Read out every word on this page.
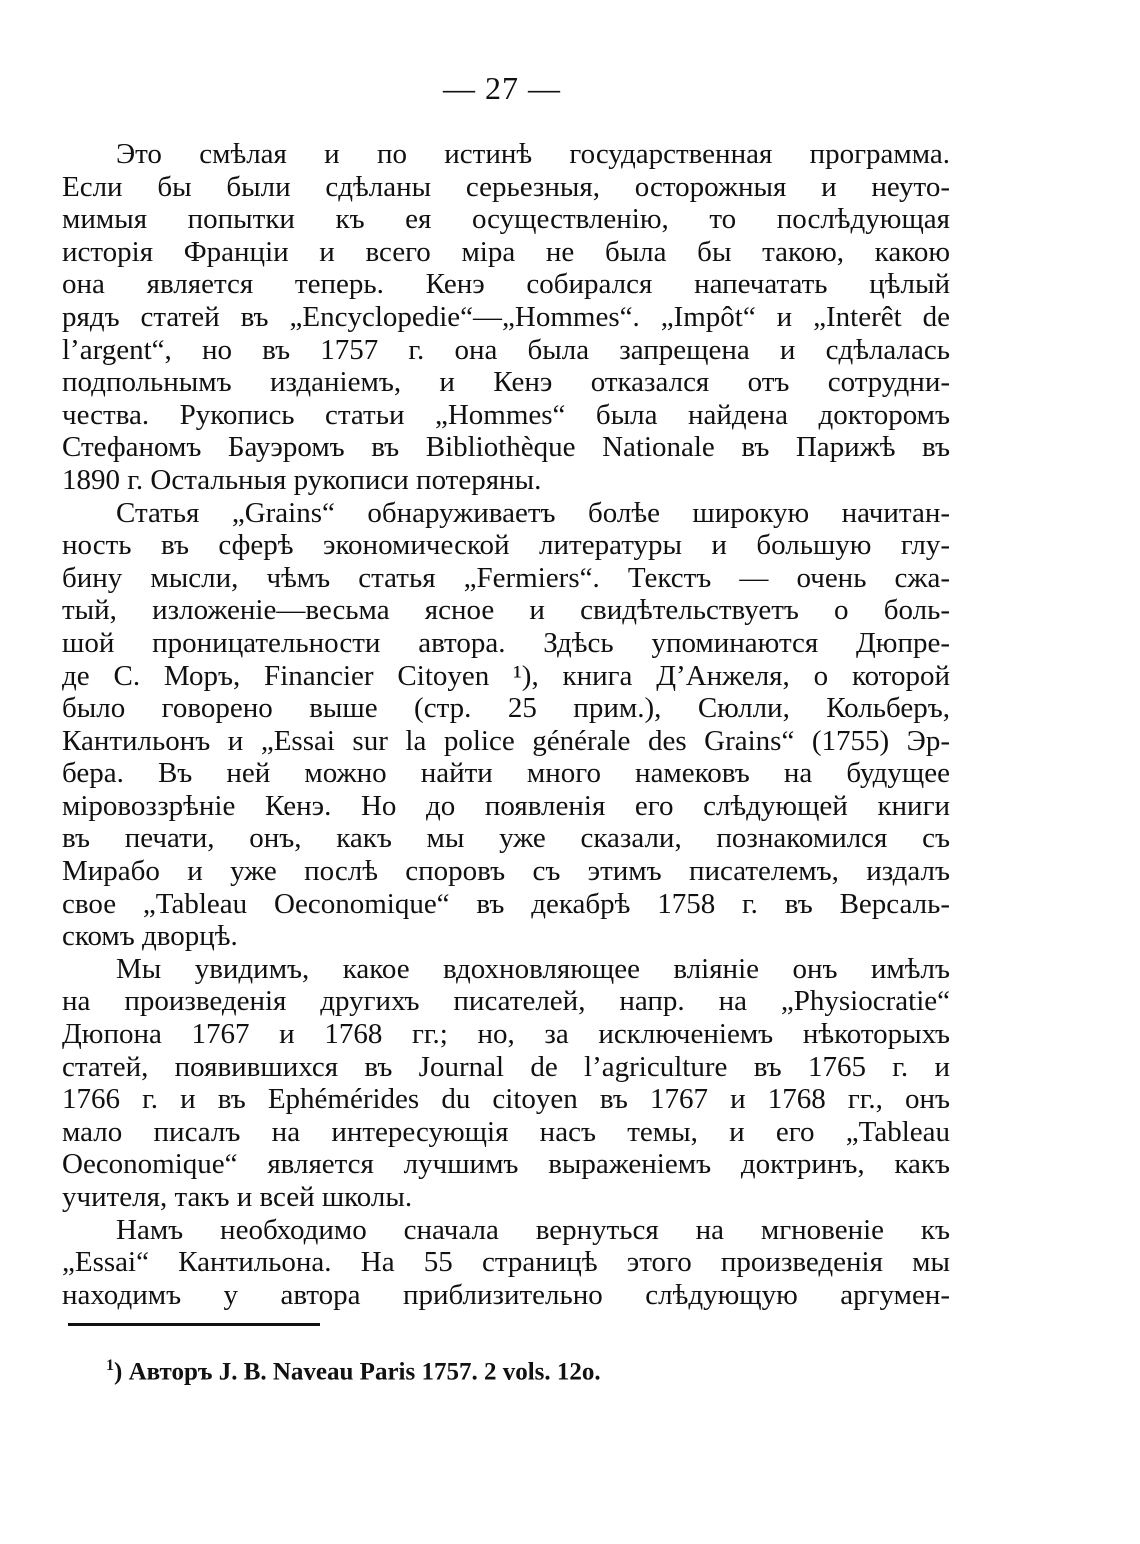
— 27 —
Это смѣлая и по истинѣ государственная программа.
Если бы были сдѣланы серьезныя, осторожныя и неуто-
мимыя попытки къ ея осуществленію, то послѣдующая
исторія Франціи и всего міра не была бы такою, какою
она является теперь. Кенэ собирался напечатать цѣлый
рядъ статей въ „Encyclopedie“—„Hommes“. „Impôt“ и „Interêt de
l’argent“, но въ 1757 г. она была запрещена и сдѣлалась
подпольнымъ изданіемъ, и Кенэ отказался отъ сотрудни-
чества. Рукопись статьи „Hommes“ была найдена докторомъ
Стефаномъ Бауэромъ въ Bibliothèque Nationale въ Парижѣ въ
1890 г. Остальныя рукописи потеряны.
Статья „Grains“ обнаруживаетъ болѣе широкую начитан-
ность въ сферѣ экономической литературы и большую глу-
бину мысли, чѣмъ статья „Fermiers“. Текстъ — очень сжа-
тый, изложеніе—весьма ясное и свидѣтельствуетъ о боль-
шой проницательности автора. Здѣсь упоминаются Дюпре-
де С. Моръ, Financier Citoyen ¹), книга Д’Анжеля, о которой
было говорено выше (стр. 25 прим.), Сюлли, Кольберъ,
Кантильонъ и „Essai sur la police générale des Grains“ (1755) Эр-
бера. Въ ней можно найти много намековъ на будущее
міровоззрѣніе Кенэ. Но до появленія его слѣдующей книги
въ печати, онъ, какъ мы уже сказали, познакомился съ
Мирабо и уже послѣ споровъ съ этимъ писателемъ, издалъ
свое „Tableau Oeconomique“ въ декабрѣ 1758 г. въ Версаль-
скомъ дворцѣ.
Мы увидимъ, какое вдохновляющее вліяніе онъ имѣлъ
на произведенія другихъ писателей, напр. на „Physiocratie“
Дюпона 1767 и 1768 гг.; но, за исключеніемъ нѣкоторыхъ
статей, появившихся въ Journal de l’agriculture въ 1765 г. и
1766 г. и въ Ephémérides du citoyen въ 1767 и 1768 гг., онъ
мало писалъ на интересующія насъ темы, и его „Tableau
Oeconomique“ является лучшимъ выраженіемъ доктринъ, какъ
учителя, такъ и всей школы.
Намъ необходимо сначала вернуться на мгновеніе къ
„Essai“ Кантильона. На 55 страницѣ этого произведенія мы
находимъ у автора приблизительно слѣдующую аргумен-
$^1$) Авторъ J. B. Naveau Paris 1757. 2 vols. 12o.
